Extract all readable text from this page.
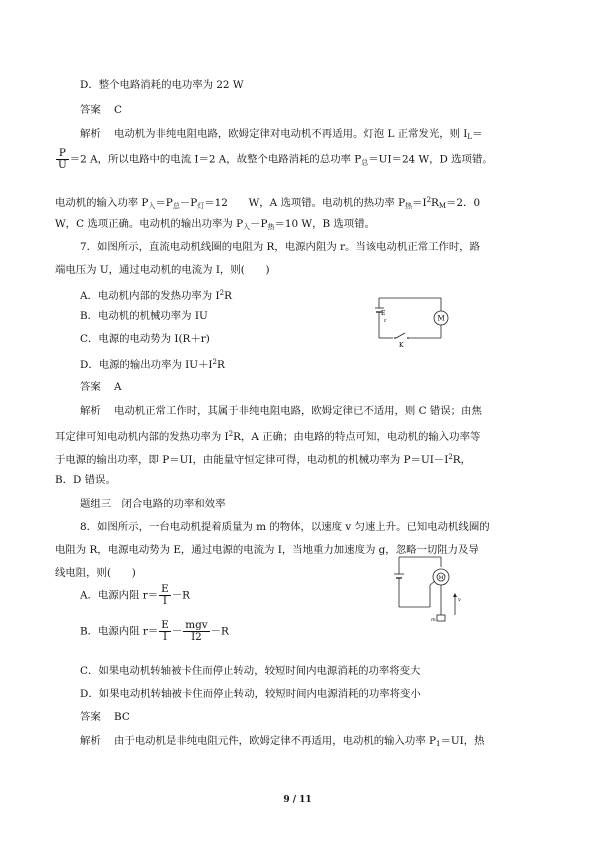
D．整个电路消耗的电功率为 22 W
答案 C
解析 电动机为非纯电阻电路，欧姆定律对电动机不再适用。灯泡 L 正常发光，则 $I_L=$
$\frac{P}{U} =2$ A，所以电路中的电流 I＝2 A，故整个电路消耗的总功率 $P_总=UI=24$ W，D 选项错。
电动机的输入功率 $P_入=P_总-P_灯=12$　　W，A 选项错。电动机的热功率 $P_热=I^2R_M=2$．0
W，C 选项正确。电动机的输出功率为 $P_入-P_热=10$ W，B 选项错。
7．如图所示，直流电动机线圈的电阻为 R，电源内阻为 r。当该电动机正常工作时，路
端电压为 U，通过电动机的电流为 I，则(　　)
A．电动机内部的发热功率为 $I^2R$
B．电动机的机械功率为 IU
C．电源的电动势为 I(R＋r)
D．电源的输出功率为 $IU+I^2R$
E
r
K
M
答案 A
解析 电动机正常工作时，其属于非纯电阻电路，欧姆定律已不适用，则 C 错误；由焦
耳定律可知电动机内部的发热功率为 $I^2R$，A 正确；由电路的特点可知，电动机的输入功率等
于电源的输出功率，即 P＝UI，由能量守恒定律可得，电动机的机械功率为 $P=UI-I^2R$，
B．D 错误。
题组三　闭合电路的功率和效率
8．如图所示，一台电动机提着质量为 m 的物体，以速度 v 匀速上升。已知电动机线圈的
电阻为 R，电源电动势为 E，通过电源的电流为 I，当地重力加速度为 g，忽略一切阻力及导
线电阻，则(　　)
A．电源内阻 $r= \frac{E}{I} -R$
B．电源内阻 $r= \frac{E}{I} - \frac{\text{mgv}}{I2} -R$
M
m
v
C．如果电动机转轴被卡住而停止转动，较短时间内电源消耗的功率将变大
D．如果电动机转轴被卡住而停止转动，较短时间内电源消耗的功率将变小
答案 BC
解析 由于电动机是非纯电阻元件，欧姆定律不再适用，电动机的输入功率 $P_1=UI$，热
9 / 11
